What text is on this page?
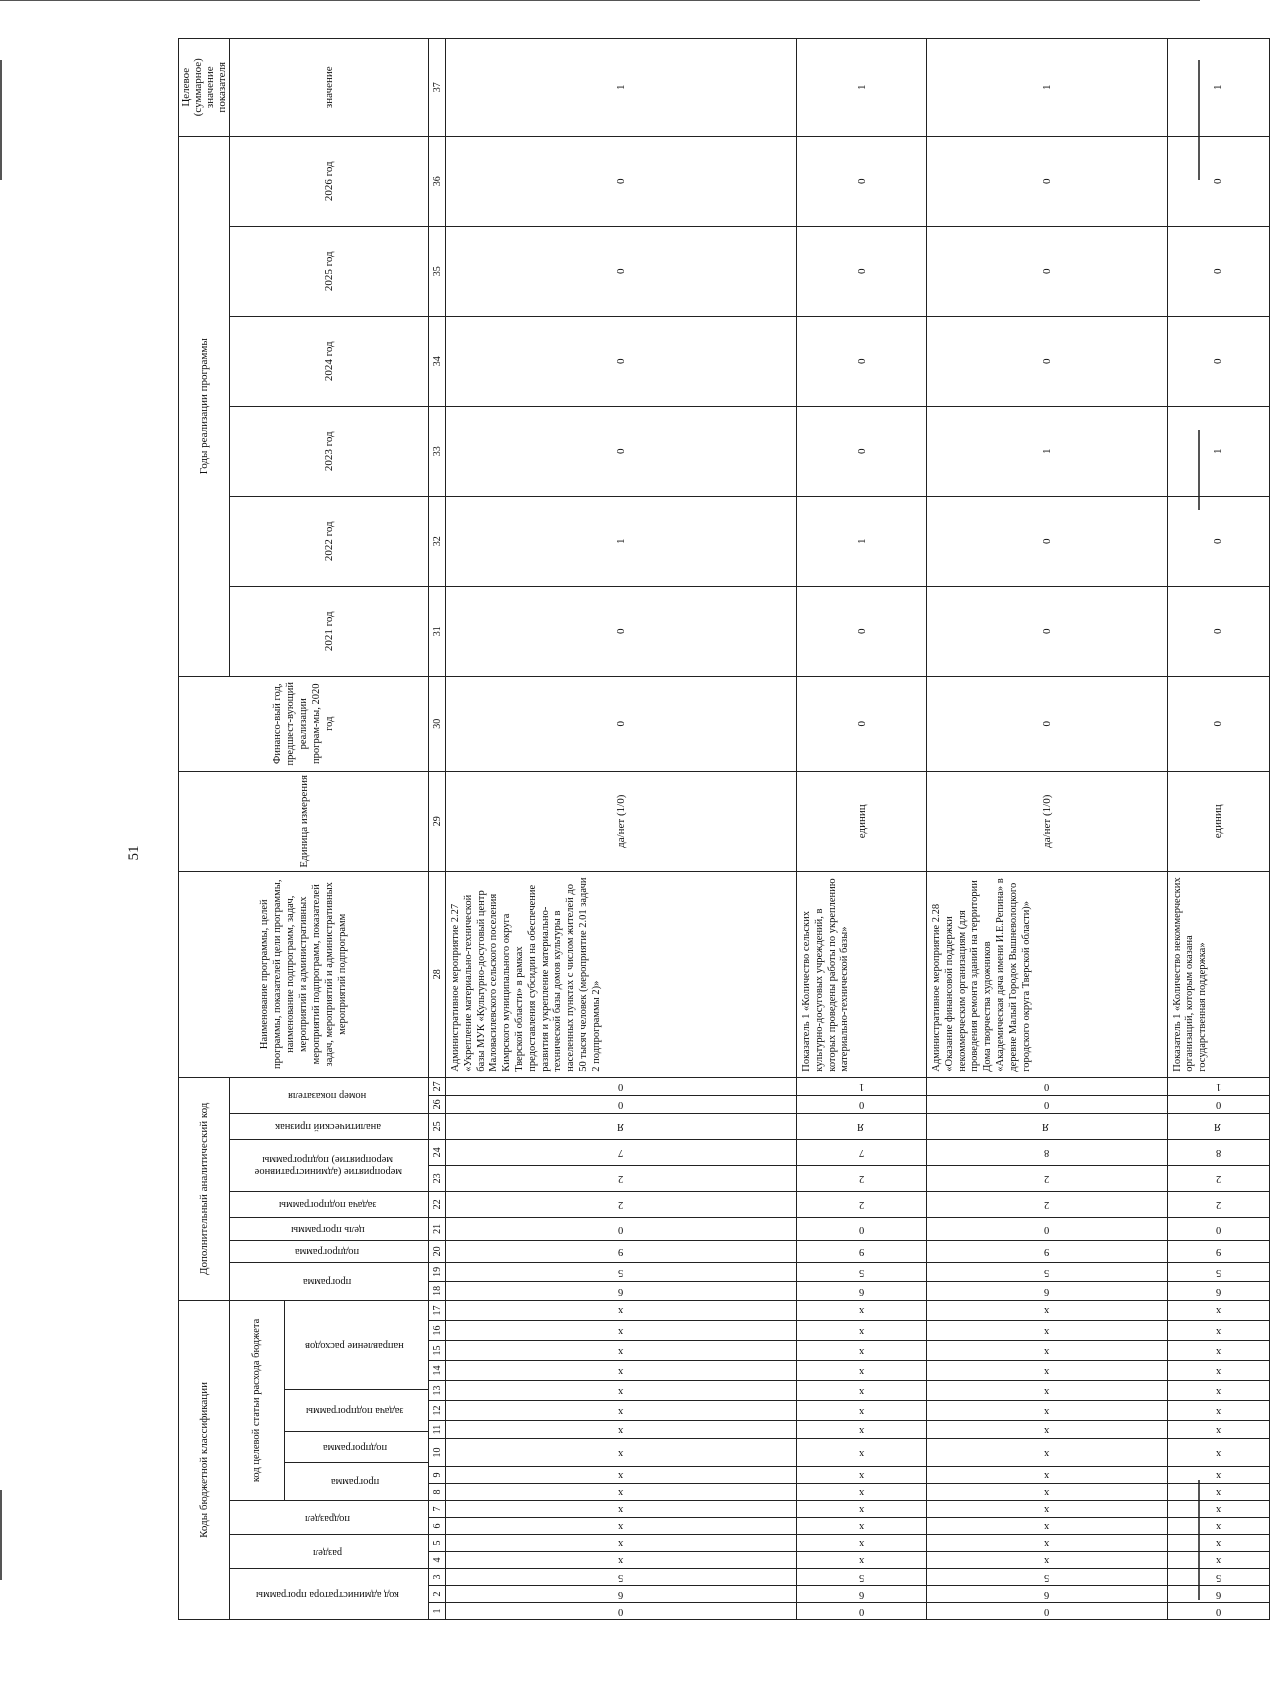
51
Коды бюджетной классификации	Дополнительный аналитический код	Наименование программы, целей программы, показателей цели программы, наименование подпрограмм, задач, мероприятий и административных мероприятий подпрограмм, показателей задач, мероприятий и административных мероприятий подпрограмм	Единица измерения	Финансо-вый год, предшест-вующий реализации програм-мы, 2020 год	Годы реализации программы	Целевое (суммарное) значение показателя
код администратора программы	раздел	подраздел	
код целевой статьи расхода бюджетапрограмма	подпрограмма	задача подпрограммы	направление расходов
	программа	подпрограмма	цель программы	задача подпрограммы	мероприятие (административное мероприятие) подпрограммы	аналитический признак	номер показателя	2021 год	2022 год	2023 год	2024 год	2025 год	2026 год	значение
1	2	3	4	5	6	7	8	9	10	11	12	13	14	15	16	17	18	19	20	21	22	23	24	25	26	27	28	29	30	31	32	33	34	35	36	37
0	6	5	x	x	x	x	x	x	x	x	x	x	x	x	x	x	6	5	9	0	2	2	7	Я	0	0	Административное мероприятие 2.27 «Укрепление материально-технической базы МУК «Культурно-досуговый центр Маловасилевского сельского поселения Кимрского муниципального округа Тверской области» в рамках предоставления субсидии на обеспечение развития и укрепление материально-технической базы домов культуры в населенных пунктах с числом жителей до 50 тысяч человек (мероприятие 2.01 задачи 2 подпрограммы 2)»	да/нет (1/0)	0	0	1	0	0	0	0	1
0	6	5	x	x	x	x	x	x	x	x	x	x	x	x	x	x	6	5	9	0	2	2	7	Я	0	1	Показатель 1 «Количество сельских культурно-досуговых учреждений, в которых проведены работы по укреплению материально-технической базы»	единиц	0	0	1	0	0	0	0	1
0	6	5	x	x	x	x	x	x	x	x	x	x	x	x	x	x	6	5	9	0	2	2	8	Я	0	0	Административное мероприятие 2.28 «Оказание финансовой поддержки некоммерческим организациям (для проведения ремонта зданий на территории Дома творчества художников «Академическая дача имени И.Е.Репина» в деревне Малый Городок Вышневолоцкого городского округа Тверской области)»	да/нет (1/0)	0	0	0	1	0	0	0	1
0	6	5	x	x	x	x	x	x	x	x	x	x	x	x	x	x	6	5	9	0	2	2	8	Я	0	1	Показатель 1 «Количество некоммерческих организаций, которым оказана государственная поддержка»	единиц	0	0	0	1	0	0	0	1
